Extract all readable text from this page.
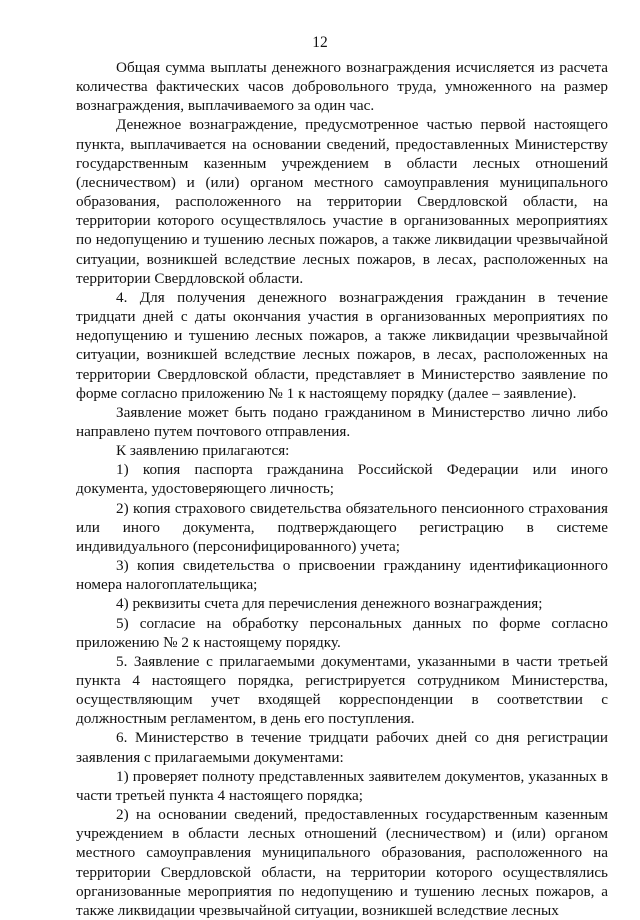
12

Общая сумма выплаты денежного вознаграждения исчисляется из расчета количества фактических часов добровольного труда, умноженного на размер вознаграждения, выплачиваемого за один час.

Денежное вознаграждение, предусмотренное частью первой настоящего пункта, выплачивается на основании сведений, предоставленных Министерству государственным казенным учреждением в области лесных отношений (лесничеством) и (или) органом местного самоуправления муниципального образования, расположенного на территории Свердловской области, на территории которого осуществлялось участие в организованных мероприятиях по недопущению и тушению лесных пожаров, а также ликвидации чрезвычайной ситуации, возникшей вследствие лесных пожаров, в лесах, расположенных на территории Свердловской области.

4. Для получения денежного вознаграждения гражданин в течение тридцати дней с даты окончания участия в организованных мероприятиях по недопущению и тушению лесных пожаров, а также ликвидации чрезвычайной ситуации, возникшей вследствие лесных пожаров, в лесах, расположенных на территории Свердловской области, представляет в Министерство заявление по форме согласно приложению № 1 к настоящему порядку (далее – заявление).

Заявление может быть подано гражданином в Министерство лично либо направлено путем почтового отправления.

К заявлению прилагаются:

1) копия паспорта гражданина Российской Федерации или иного документа, удостоверяющего личность;

2) копия страхового свидетельства обязательного пенсионного страхования или иного документа, подтверждающего регистрацию в системе индивидуального (персонифицированного) учета;

3) копия свидетельства о присвоении гражданину идентификационного номера налогоплательщика;

4) реквизиты счета для перечисления денежного вознаграждения;

5) согласие на обработку персональных данных по форме согласно приложению № 2 к настоящему порядку.

5. Заявление с прилагаемыми документами, указанными в части третьей пункта 4 настоящего порядка, регистрируется сотрудником Министерства, осуществляющим учет входящей корреспонденции в соответствии с должностным регламентом, в день его поступления.

6. Министерство в течение тридцати рабочих дней со дня регистрации заявления с прилагаемыми документами:

1) проверяет полноту представленных заявителем документов, указанных в части третьей пункта 4 настоящего порядка;

2) на основании сведений, предоставленных государственным казенным учреждением в области лесных отношений (лесничеством) и (или) органом местного самоуправления муниципального образования, расположенного на территории Свердловской области, на территории которого осуществлялись организованные мероприятия по недопущению и тушению лесных пожаров, а также ликвидации чрезвычайной ситуации, возникшей вследствие лесных
